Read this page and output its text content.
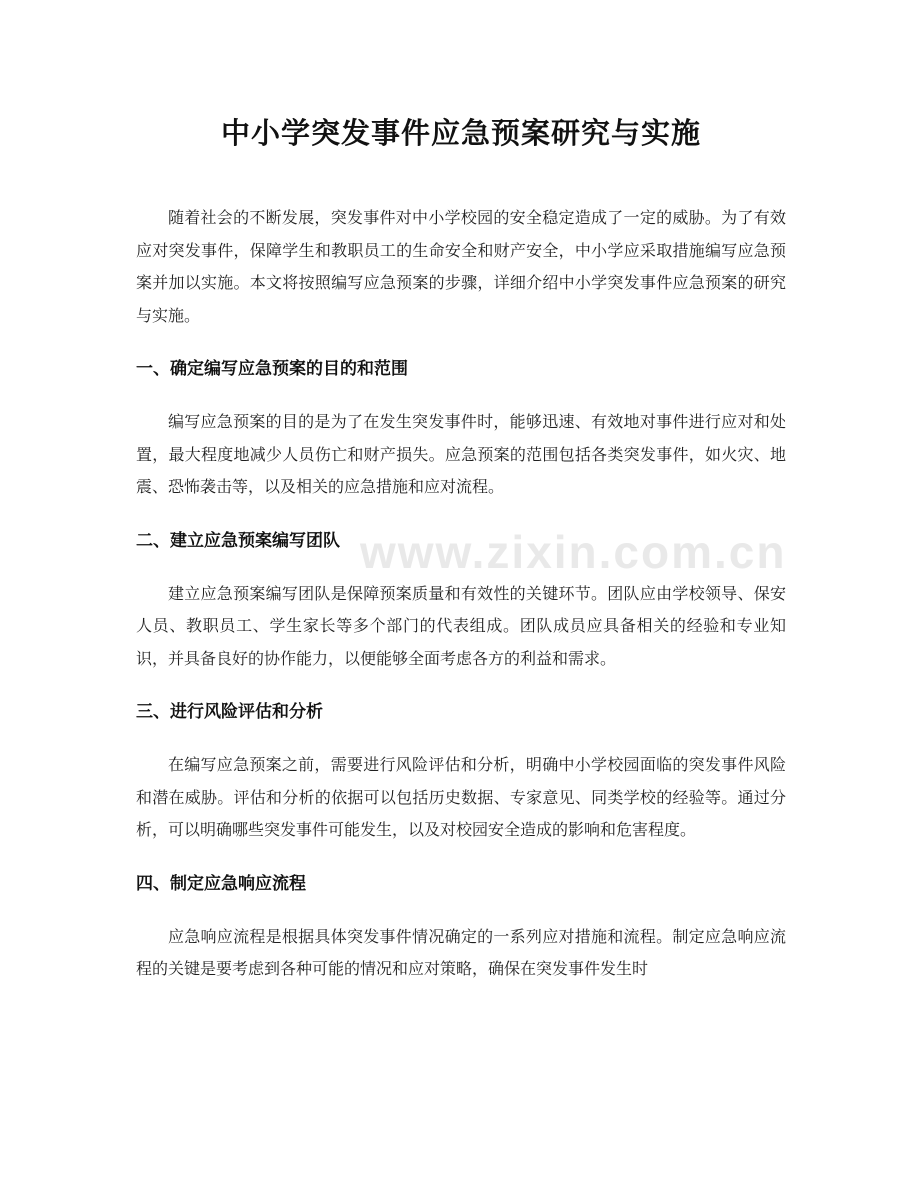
www.zixin.com.cn
中小学突发事件应急预案研究与实施

随着社会的不断发展，突发事件对中小学校园的安全稳定造成了一定的威胁。为了有效应对突发事件，保障学生和教职员工的生命安全和财产安全，中小学应采取措施编写应急预案并加以实施。本文将按照编写应急预案的步骤，详细介绍中小学突发事件应急预案的研究与实施。

一、确定编写应急预案的目的和范围

编写应急预案的目的是为了在发生突发事件时，能够迅速、有效地对事件进行应对和处置，最大程度地减少人员伤亡和财产损失。应急预案的范围包括各类突发事件，如火灾、地震、恐怖袭击等，以及相关的应急措施和应对流程。

二、建立应急预案编写团队

建立应急预案编写团队是保障预案质量和有效性的关键环节。团队应由学校领导、保安人员、教职员工、学生家长等多个部门的代表组成。团队成员应具备相关的经验和专业知识，并具备良好的协作能力，以便能够全面考虑各方的利益和需求。

三、进行风险评估和分析

在编写应急预案之前，需要进行风险评估和分析，明确中小学校园面临的突发事件风险和潜在威胁。评估和分析的依据可以包括历史数据、专家意见、同类学校的经验等。通过分析，可以明确哪些突发事件可能发生，以及对校园安全造成的影响和危害程度。

四、制定应急响应流程

应急响应流程是根据具体突发事件情况确定的一系列应对措施和流程。制定应急响应流程的关键是要考虑到各种可能的情况和应对策略，确保在突发事件发生时
